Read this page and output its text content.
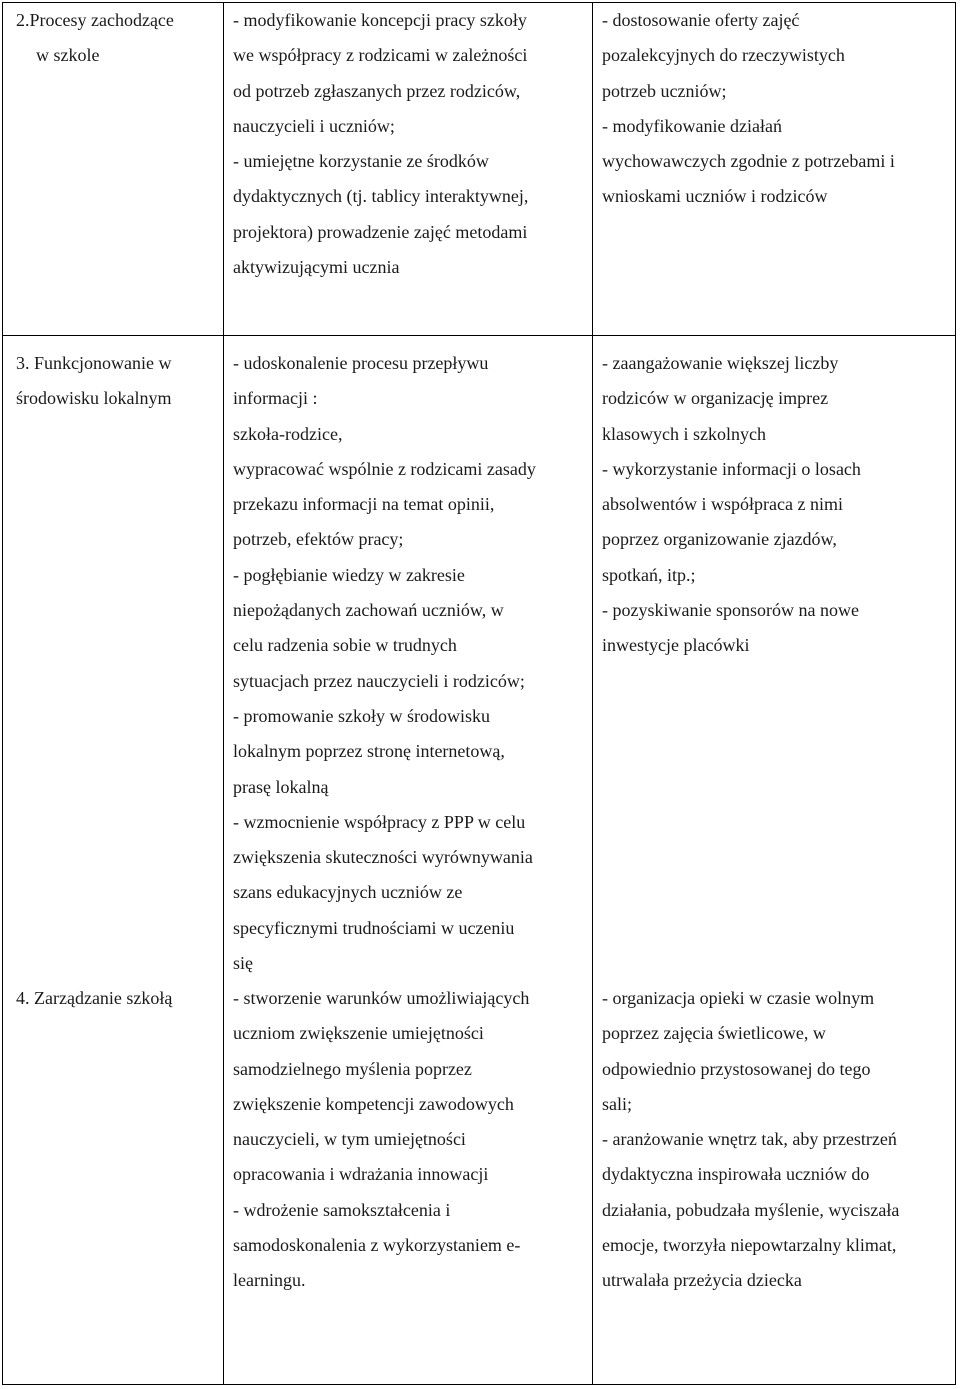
2.Procesy zachodzące
w szkole
- modyfikowanie koncepcji pracy szkoły
we współpracy z rodzicami w zależności
od potrzeb zgłaszanych przez rodziców,
nauczycieli i uczniów;
- umiejętne korzystanie ze środków
dydaktycznych (tj. tablicy interaktywnej,
projektora) prowadzenie zajęć metodami
aktywizującymi ucznia
- dostosowanie oferty zajęć
pozalekcyjnych do rzeczywistych
potrzeb uczniów;
- modyfikowanie działań
wychowawczych zgodnie z potrzebami i
wnioskami uczniów i rodziców
3. Funkcjonowanie w
środowisku lokalnym
- udoskonalenie procesu przepływu
informacji :
szkoła-rodzice,
wypracować wspólnie z rodzicami zasady
przekazu informacji na temat opinii,
potrzeb, efektów pracy;
- pogłębianie wiedzy w zakresie
niepożądanych zachowań uczniów, w
celu radzenia sobie w trudnych
sytuacjach przez nauczycieli i rodziców;
- promowanie szkoły w środowisku
lokalnym poprzez stronę internetową,
prasę lokalną
- wzmocnienie współpracy z PPP w celu
zwiększenia skuteczności wyrównywania
szans edukacyjnych uczniów ze
specyficznymi trudnościami w uczeniu
się
- zaangażowanie większej liczby
rodziców w organizację imprez
klasowych i szkolnych
- wykorzystanie informacji o losach
absolwentów i współpraca z nimi
poprzez organizowanie zjazdów,
spotkań, itp.;
- pozyskiwanie sponsorów na nowe
inwestycje placówki
4. Zarządzanie szkołą	- stworzenie warunków umożliwiających
uczniom zwiększenie umiejętności
samodzielnego myślenia poprzez
zwiększenie kompetencji zawodowych
nauczycieli, w tym umiejętności
opracowania i wdrażania innowacji
- wdrożenie samokształcenia i
samodoskonalenia z wykorzystaniem e-
learningu.
- organizacja opieki w czasie wolnym
poprzez zajęcia świetlicowe, w
odpowiednio przystosowanej do tego
sali;
- aranżowanie wnętrz tak, aby przestrzeń
dydaktyczna inspirowała uczniów do
działania, pobudzała myślenie, wyciszała
emocje, tworzyła niepowtarzalny klimat,
utrwalała przeżycia dziecka
